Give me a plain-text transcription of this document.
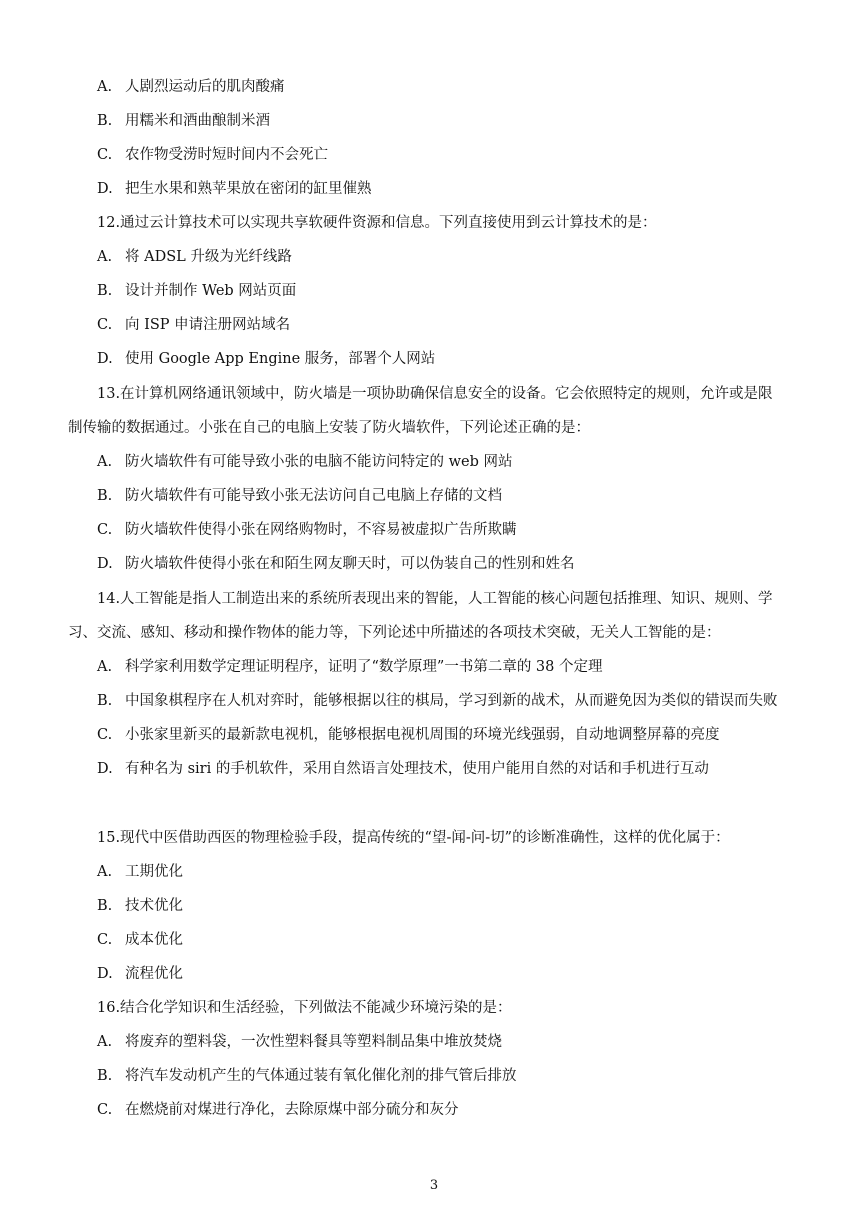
A. 人剧烈运动后的肌肉酸痛
B. 用糯米和酒曲酿制米酒
C. 农作物受涝时短时间内不会死亡
D. 把生水果和熟苹果放在密闭的缸里催熟
12.通过云计算技术可以实现共享软硬件资源和信息。下列直接使用到云计算技术的是：
A. 将 ADSL 升级为光纤线路
B. 设计并制作 Web 网站页面
C. 向 ISP 申请注册网站域名
D. 使用 Google App Engine 服务，部署个人网站
13.在计算机网络通讯领域中，防火墙是一项协助确保信息安全的设备。它会依照特定的规则，允许或是限
制传输的数据通过。小张在自己的电脑上安装了防火墙软件，下列论述正确的是：
A. 防火墙软件有可能导致小张的电脑不能访问特定的 web 网站
B. 防火墙软件有可能导致小张无法访问自己电脑上存储的文档
C. 防火墙软件使得小张在网络购物时，不容易被虚拟广告所欺瞒
D. 防火墙软件使得小张在和陌生网友聊天时，可以伪装自己的性别和姓名
14.人工智能是指人工制造出来的系统所表现出来的智能，人工智能的核心问题包括推理、知识、规则、学
习、交流、感知、移动和操作物体的能力等，下列论述中所描述的各项技术突破，无关人工智能的是：
A. 科学家利用数学定理证明程序，证明了“数学原理”一书第二章的 38 个定理
B. 中国象棋程序在人机对弈时，能够根据以往的棋局，学习到新的战术，从而避免因为类似的错误而失败
C. 小张家里新买的最新款电视机，能够根据电视机周围的环境光线强弱，自动地调整屏幕的亮度
D. 有种名为 siri 的手机软件，采用自然语言处理技术，使用户能用自然的对话和手机进行互动
15.现代中医借助西医的物理检验手段，提高传统的“望-闻-问-切”的诊断准确性，这样的优化属于：
A. 工期优化
B. 技术优化
C. 成本优化
D. 流程优化
16.结合化学知识和生活经验，下列做法不能减少环境污染的是：
A. 将废弃的塑料袋，一次性塑料餐具等塑料制品集中堆放焚烧
B. 将汽车发动机产生的气体通过装有氧化催化剂的排气管后排放
C. 在燃烧前对煤进行净化，去除原煤中部分硫分和灰分
3
